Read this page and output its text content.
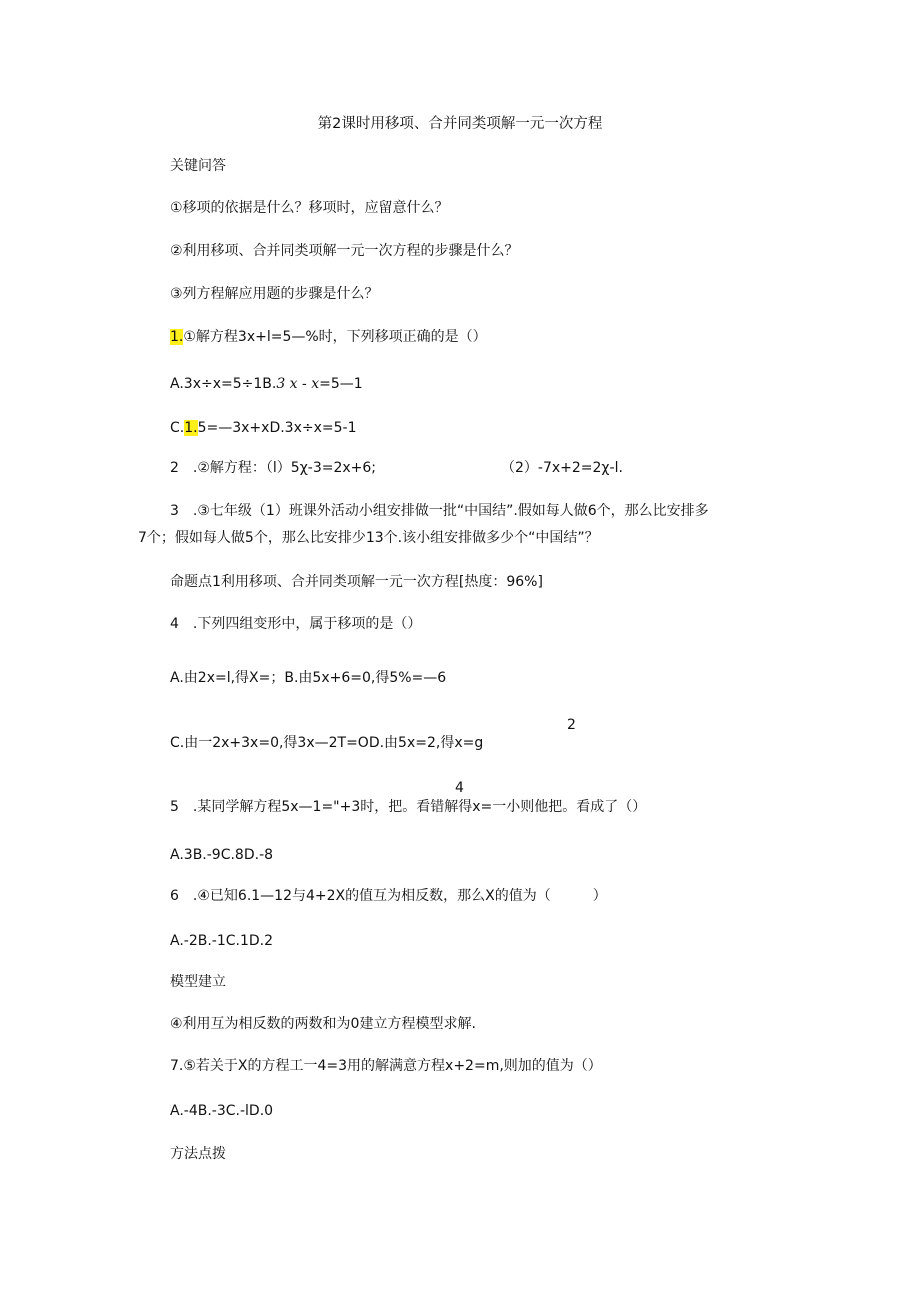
第2课时用移项、合并同类项解一元一次方程

关键问答

①移项的依据是什么？移项时，应留意什么？

②利用移项、合并同类项解一元一次方程的步骤是什么？

③列方程解应用题的步骤是什么？

1.①解方程3x+l=5—%时，下列移项正确的是（）

A.3x÷x=5÷1B.3 x - x=5—1

C.1.5=—3x+xD.3x÷x=5-1

2　.②解方程：（l）5χ-3=2x+6;	（2）-7x+2=2χ-l.

3　.③七年级（1）班课外活动小组安排做一批“中国结”.假如每人做6个，那么比安排多

7个；假如每人做5个，那么比安排少13个.该小组安排做多少个“中国结”？

命题点1利用移项、合并同类项解一元一次方程[热度：96%]

4　.下列四组变形中，属于移项的是（）

A.由2x=l,得X=；B.由5x+6=0,得5%=—6

2

C.由一2x+3x=0,得3x—2T=OD.由5x=2,得x=g

4

5　.某同学解方程5x—1="+3时，把。看错解得x=一小则他把。看成了（）

A.3B.-9C.8D.-8

6　.④已知6.1—12与4+2X的值互为相反数，那么X的值为（　　　）

A.-2B.-1C.1D.2

模型建立

④利用互为相反数的两数和为0建立方程模型求解.

7.⑤若关于X的方程工一4=3用的解满意方程x+2=m,则加的值为（）

A.-4B.-3C.-lD.0

方法点拨
